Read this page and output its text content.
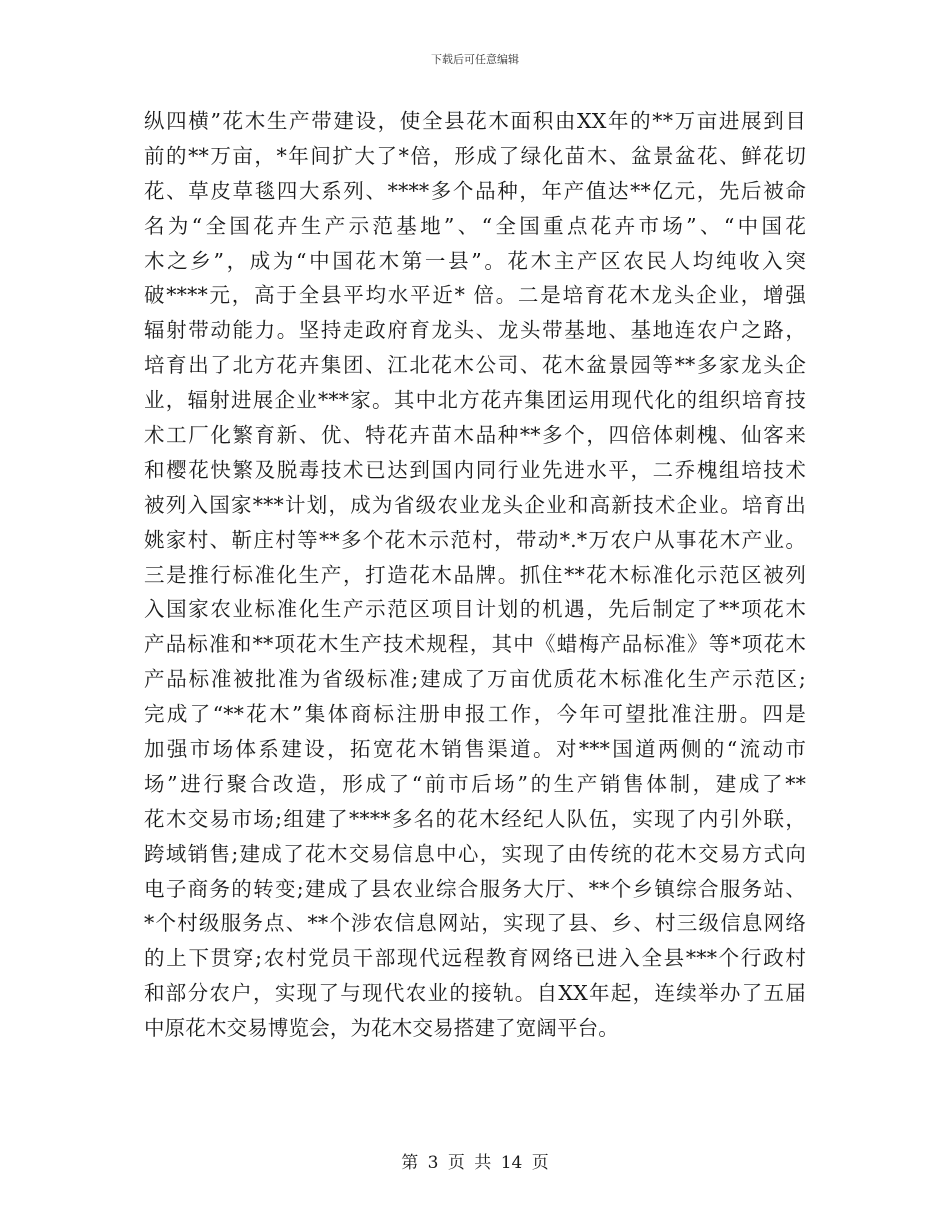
下载后可任意编辑
纵四横”花木生产带建设，使全县花木面积由XX年的**万亩进展到目
前的**万亩，*年间扩大了*倍，形成了绿化苗木、盆景盆花、鲜花切
花、草皮草毯四大系列、****多个品种，年产值达**亿元，先后被命
名为“全国花卉生产示范基地”、“全国重点花卉市场”、“中国花
木之乡”，成为“中国花木第一县”。花木主产区农民人均纯收入突
破****元，高于全县平均水平近* 倍。二是培育花木龙头企业，增强
辐射带动能力。坚持走政府育龙头、龙头带基地、基地连农户之路，
培育出了北方花卉集团、江北花木公司、花木盆景园等**多家龙头企
业，辐射进展企业***家。其中北方花卉集团运用现代化的组织培育技
术工厂化繁育新、优、特花卉苗木品种**多个，四倍体刺槐、仙客来
和樱花快繁及脱毒技术已达到国内同行业先进水平，二乔槐组培技术
被列入国家***计划，成为省级农业龙头企业和高新技术企业。培育出
姚家村、靳庄村等**多个花木示范村，带动*.*万农户从事花木产业。
三是推行标准化生产，打造花木品牌。抓住**花木标准化示范区被列
入国家农业标准化生产示范区项目计划的机遇，先后制定了**项花木
产品标准和**项花木生产技术规程，其中《蜡梅产品标准》等*项花木
产品标准被批准为省级标准;建成了万亩优质花木标准化生产示范区;
完成了“**花木”集体商标注册申报工作，今年可望批准注册。四是
加强市场体系建设，拓宽花木销售渠道。对***国道两侧的“流动市
场”进行聚合改造，形成了“前市后场”的生产销售体制，建成了**
花木交易市场;组建了****多名的花木经纪人队伍，实现了内引外联，
跨域销售;建成了花木交易信息中心，实现了由传统的花木交易方式向
电子商务的转变;建成了县农业综合服务大厅、**个乡镇综合服务站、
*个村级服务点、**个涉农信息网站，实现了县、乡、村三级信息网络
的上下贯穿;农村党员干部现代远程教育网络已进入全县***个行政村
和部分农户，实现了与现代农业的接轨。自XX年起，连续举办了五届
中原花木交易博览会，为花木交易搭建了宽阔平台。
第 3 页 共 14 页
